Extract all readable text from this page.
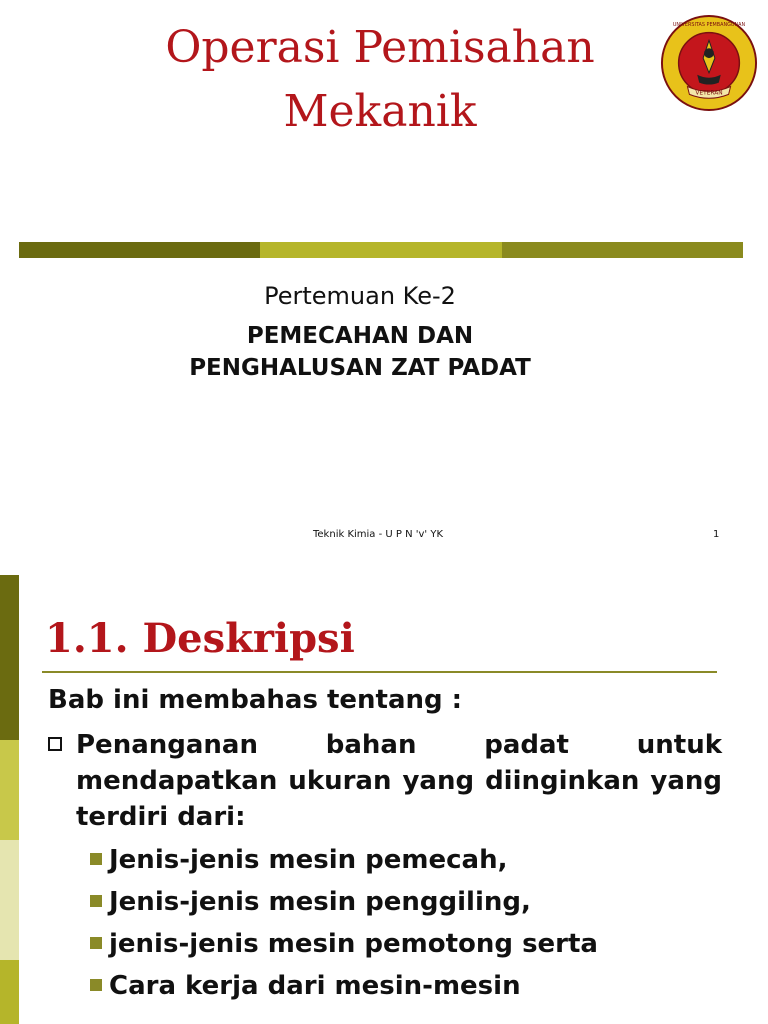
Operasi Pemisahan
Mekanik	VETERAN
UNIVERSITAS PEMBANGUNAN
Pertemuan Ke-2
PEMECAHAN DAN
PENGHALUSAN ZAT PADAT
Teknik Kimia - U P N 'v' YK	1
1.1. Deskripsi
Bab ini membahas tentang :
Penanganan bahan padat untuk mendapatkan ukuran yang diinginkan yang terdiri dari:
Jenis-jenis mesin pemecah,
Jenis-jenis mesin penggiling,
jenis-jenis mesin pemotong serta
Cara kerja dari mesin-mesin
